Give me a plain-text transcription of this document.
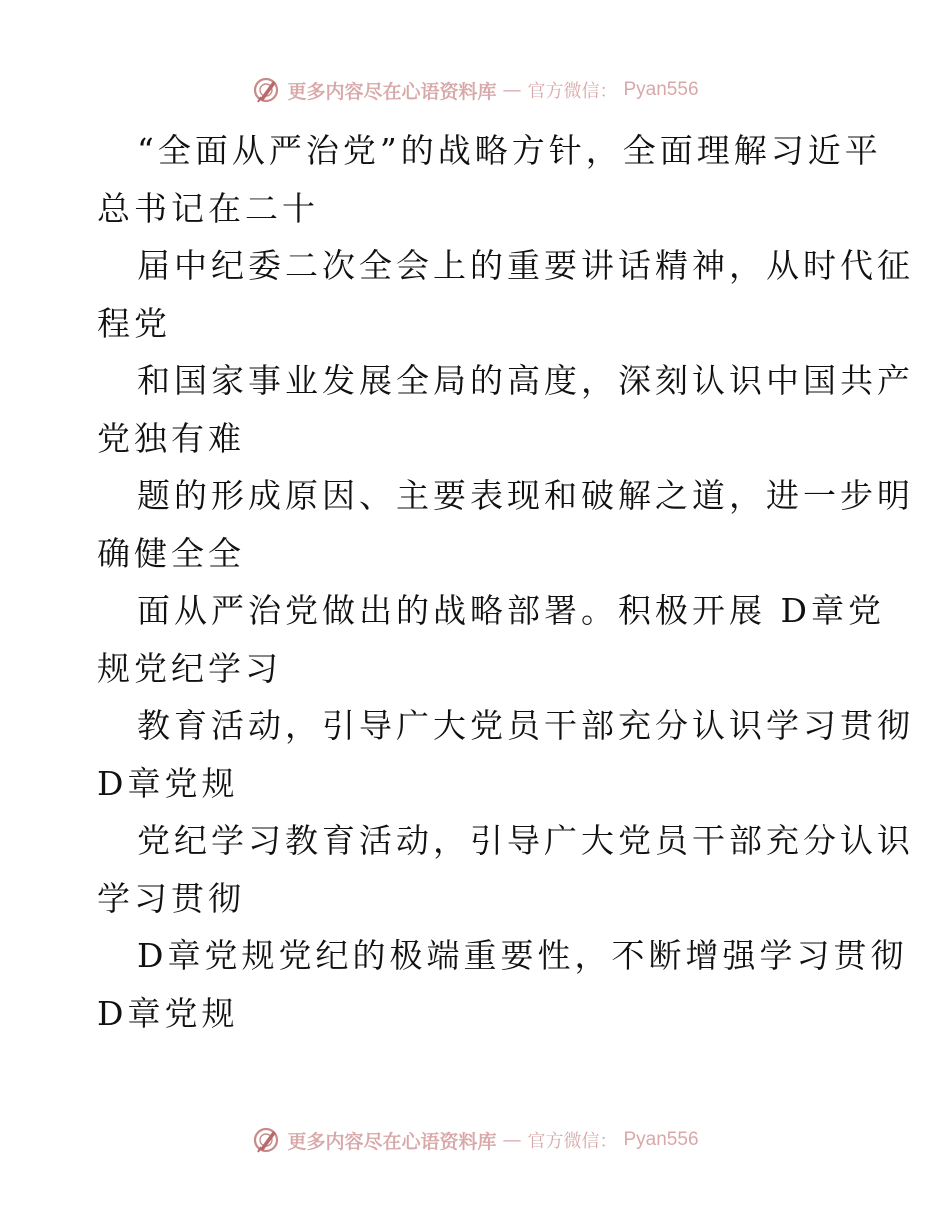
更多内容尽在心语资料库 — 官方微信： Pyan556
“全面从严治党”的战略方针，全面理解习近平
总书记在二十
届中纪委二次全会上的重要讲话精神，从时代征
程党
和国家事业发展全局的高度，深刻认识中国共产
党独有难
题的形成原因、主要表现和破解之道，进一步明
确健全全
面从严治党做出的战略部署。积极开展 D章党
规党纪学习
教育活动，引导广大党员干部充分认识学习贯彻
D章党规
党纪学习教育活动，引导广大党员干部充分认识
学习贯彻
D章党规党纪的极端重要性，不断增强学习贯彻
D章党规
更多内容尽在心语资料库 — 官方微信： Pyan556
